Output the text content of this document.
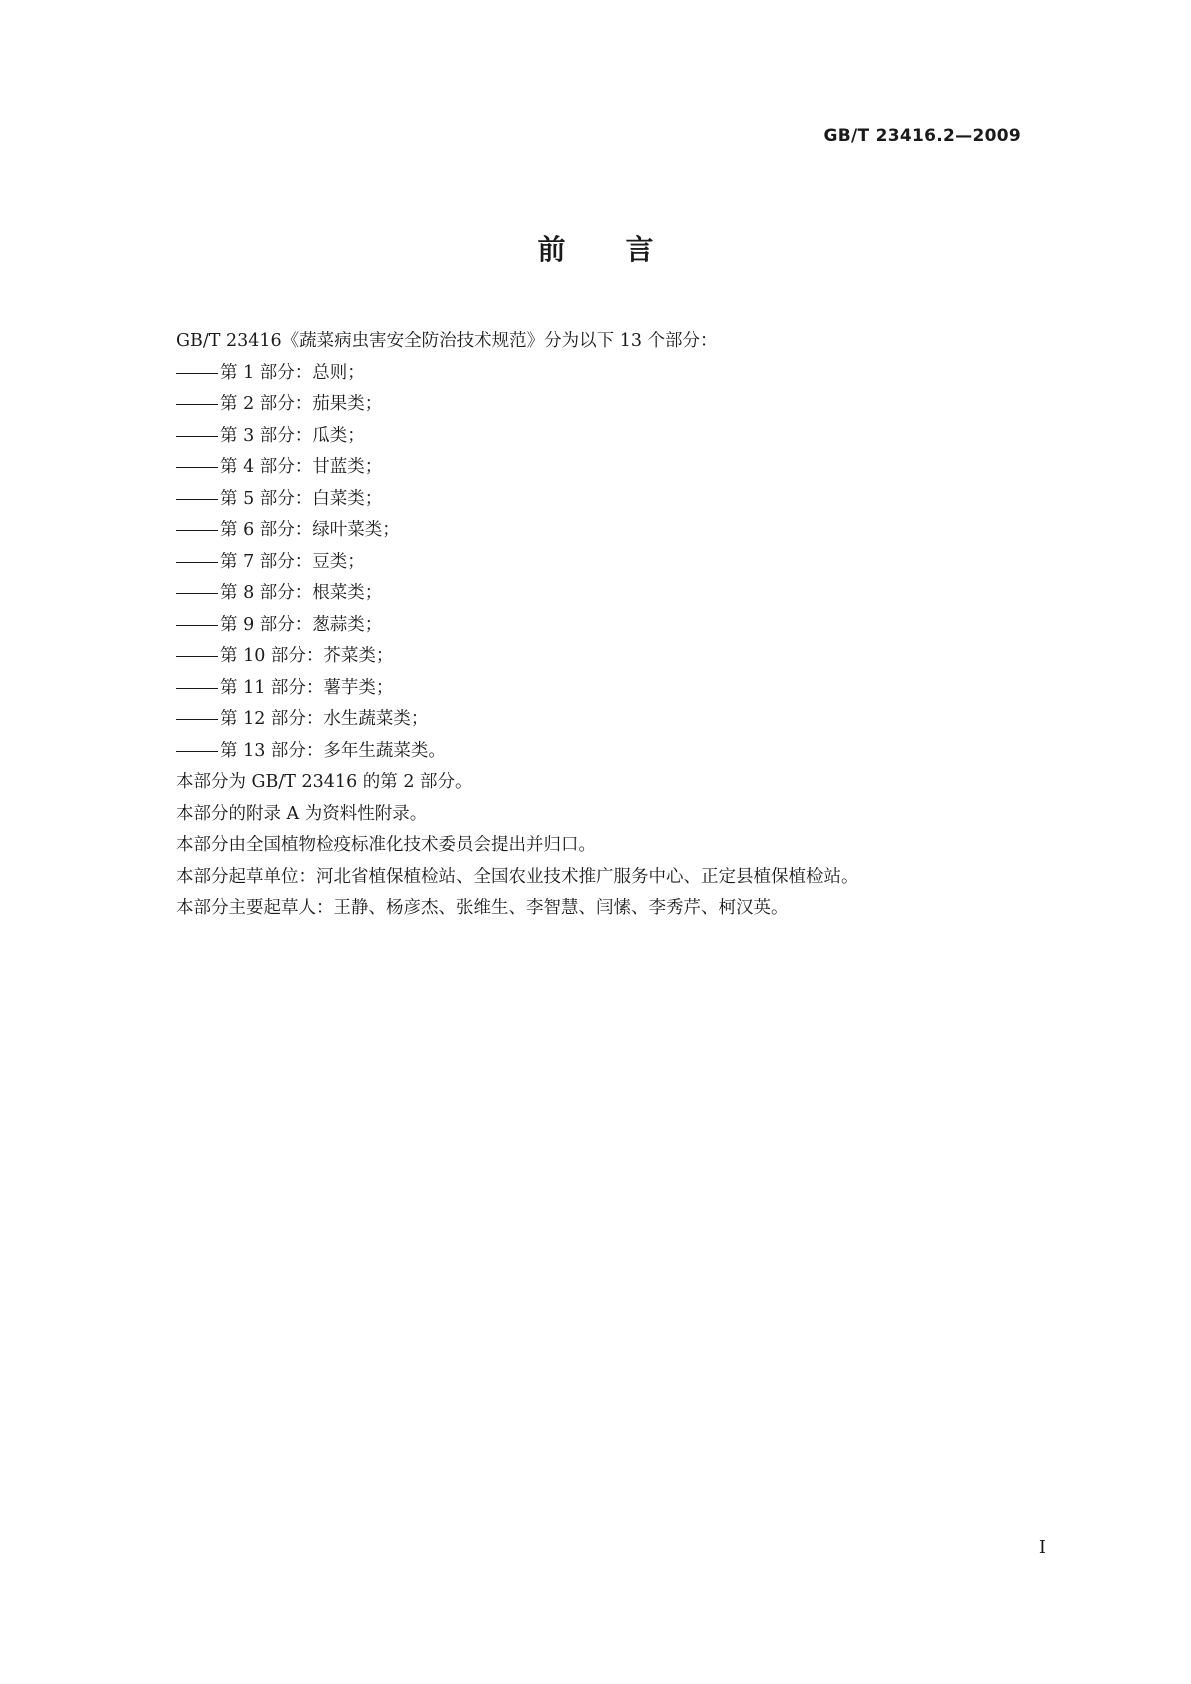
GB/T 23416.2—2009
前言
GB/T 23416《蔬菜病虫害安全防治技术规范》分为以下 13 个部分：
第 1 部分：总则；
第 2 部分：茄果类；
第 3 部分：瓜类；
第 4 部分：甘蓝类；
第 5 部分：白菜类；
第 6 部分：绿叶菜类；
第 7 部分：豆类；
第 8 部分：根菜类；
第 9 部分：葱蒜类；
第 10 部分：芥菜类；
第 11 部分：薯芋类；
第 12 部分：水生蔬菜类；
第 13 部分：多年生蔬菜类。
本部分为 GB/T 23416 的第 2 部分。
本部分的附录 A 为资料性附录。
本部分由全国植物检疫标准化技术委员会提出并归口。
本部分起草单位：河北省植保植检站、全国农业技术推广服务中心、正定县植保植检站。
本部分主要起草人：王静、杨彦杰、张维生、李智慧、闫愫、李秀芹、柯汉英。
I
